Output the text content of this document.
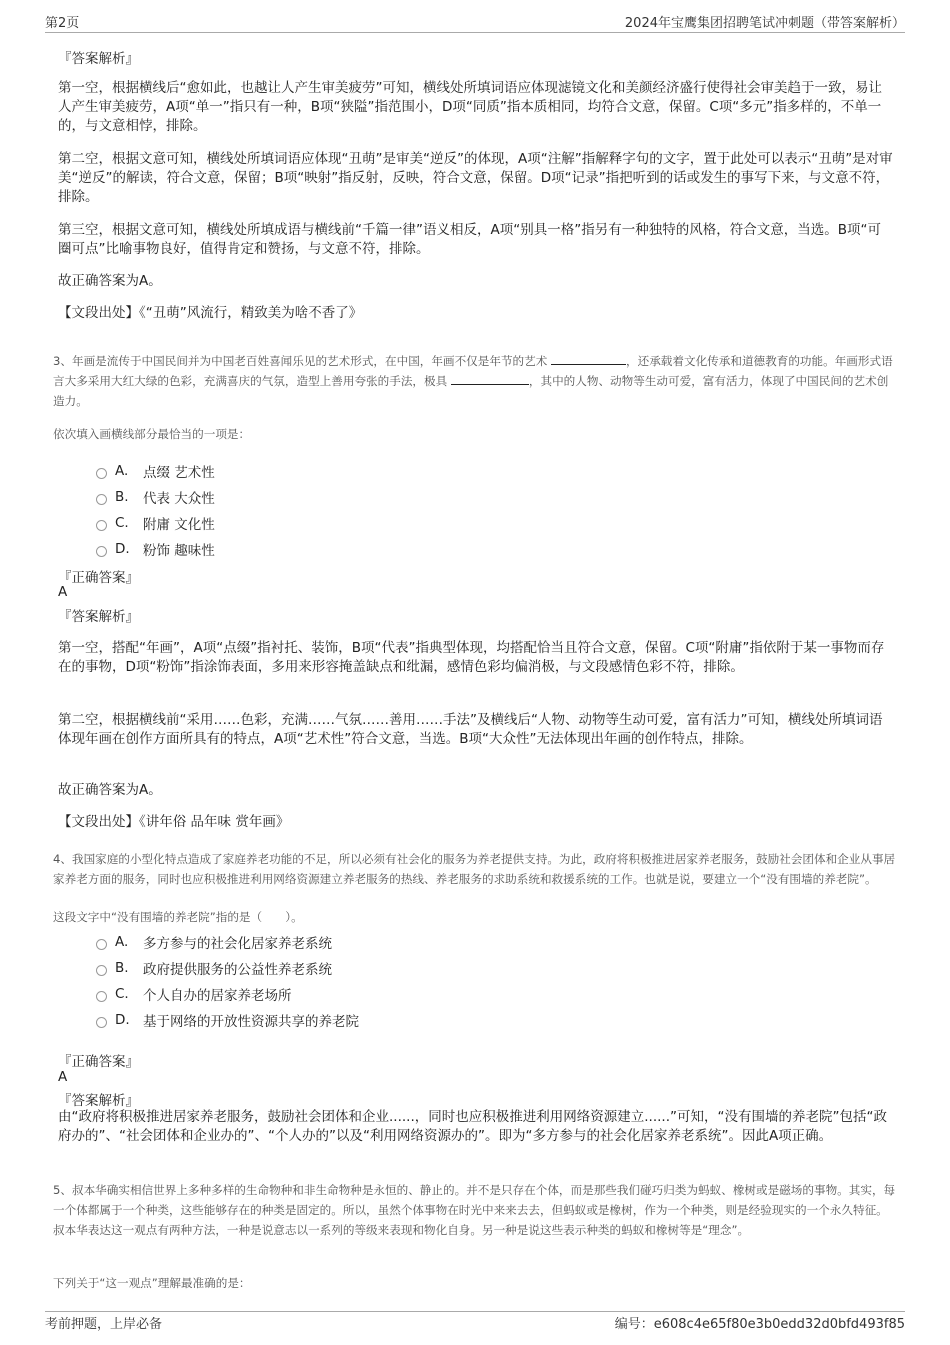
第2页	2024年宝鹰集团招聘笔试冲刺题（带答案解析）
『答案解析』
第一空，根据横线后“愈如此，也越让人产生审美疲劳”可知，横线处所填词语应体现滤镜文化和美颜经济盛行使得社会审美趋于一致，易让人产生审美疲劳，A项“单一”指只有一种，B项“狭隘”指范围小，D项“同质”指本质相同，均符合文意，保留。C项“多元”指多样的，不单一的，与文意相悖，排除。
第二空，根据文意可知，横线处所填词语应体现“丑萌”是审美“逆反”的体现，A项“注解”指解释字句的文字，置于此处可以表示“丑萌”是对审美“逆反”的解读，符合文意，保留；B项“映射”指反射，反映，符合文意，保留。D项“记录”指把听到的话或发生的事写下来，与文意不符，排除。
第三空，根据文意可知，横线处所填成语与横线前“千篇一律”语义相反，A项“别具一格”指另有一种独特的风格，符合文意，当选。B项“可圈可点”比喻事物良好，值得肯定和赞扬，与文意不符，排除。
故正确答案为A。
【文段出处】《“丑萌”风流行，精致美为啥不香了》
3、年画是流传于中国民间并为中国老百姓喜闻乐见的艺术形式，在中国，年画不仅是年节的艺术	，还承载着文化传承和道德教育的功能。年画形式语言大多采用大红大绿的色彩，充满喜庆的气氛，造型上善用夸张的手法，极具	，其中的人物、动物等生动可爱，富有活力，体现了中国民间的艺术创造力。
依次填入画横线部分最恰当的一项是：
A.	点缀 艺术性
B.	代表 大众性
C.	附庸 文化性
D. 粉饰 趣味性
『正确答案』
A
『答案解析』
第一空，搭配“年画”，A项“点缀”指衬托、装饰，B项“代表”指典型体现，均搭配恰当且符合文意，保留。C项“附庸”指依附于某一事物而存在的事物，D项“粉饰”指涂饰表面，多用来形容掩盖缺点和纰漏，感情色彩均偏消极，与文段感情色彩不符，排除。
第二空，根据横线前“采用……色彩，充满……气氛……善用……手法”及横线后“人物、动物等生动可爱，富有活力”可知，横线处所填词语体现年画在创作方面所具有的特点，A项“艺术性”符合文意，当选。B项“大众性”无法体现出年画的创作特点，排除。
故正确答案为A。
【文段出处】《讲年俗 品年味 赏年画》
4、我国家庭的小型化特点造成了家庭养老功能的不足，所以必须有社会化的服务为养老提供支持。为此，政府将积极推进居家养老服务，鼓励社会团体和企业从事居家养老方面的服务，同时也应积极推进利用网络资源建立养老服务的热线、养老服务的求助系统和救援系统的工作。也就是说，要建立一个“没有围墙的养老院”。
这段文字中“没有围墙的养老院”指的是（　　）。
A.	多方参与的社会化居家养老系统
B.	政府提供服务的公益性养老系统
C.	个人自办的居家养老场所
D. 基于网络的开放性资源共享的养老院
『正确答案』
A
『答案解析』
由“政府将积极推进居家养老服务，鼓励社会团体和企业......，同时也应积极推进利用网络资源建立......”可知，“没有围墙的养老院”包括“政府办的”、“社会团体和企业办的”、“个人办的”以及“利用网络资源办的”。即为“多方参与的社会化居家养老系统”。因此A项正确。
5、叔本华确实相信世界上多种多样的生命物种和非生命物种是永恒的、静止的。并不是只存在个体，而是那些我们碰巧归类为蚂蚁、橡树或是磁场的事物。其实，每一个体都属于一个种类，这些能够存在的种类是固定的。所以，虽然个体事物在时光中来来去去，但蚂蚁或是橡树，作为一个种类，则是经验现实的一个永久特征。叔本华表达这一观点有两种方法，一种是说意志以一系列的等级来表现和物化自身。另一种是说这些表示种类的蚂蚁和橡树等是“理念”。
下列关于“这一观点”理解最准确的是：
考前押题，上岸必备	编号：e608c4e65f80e3b0edd32d0bfd493f85
